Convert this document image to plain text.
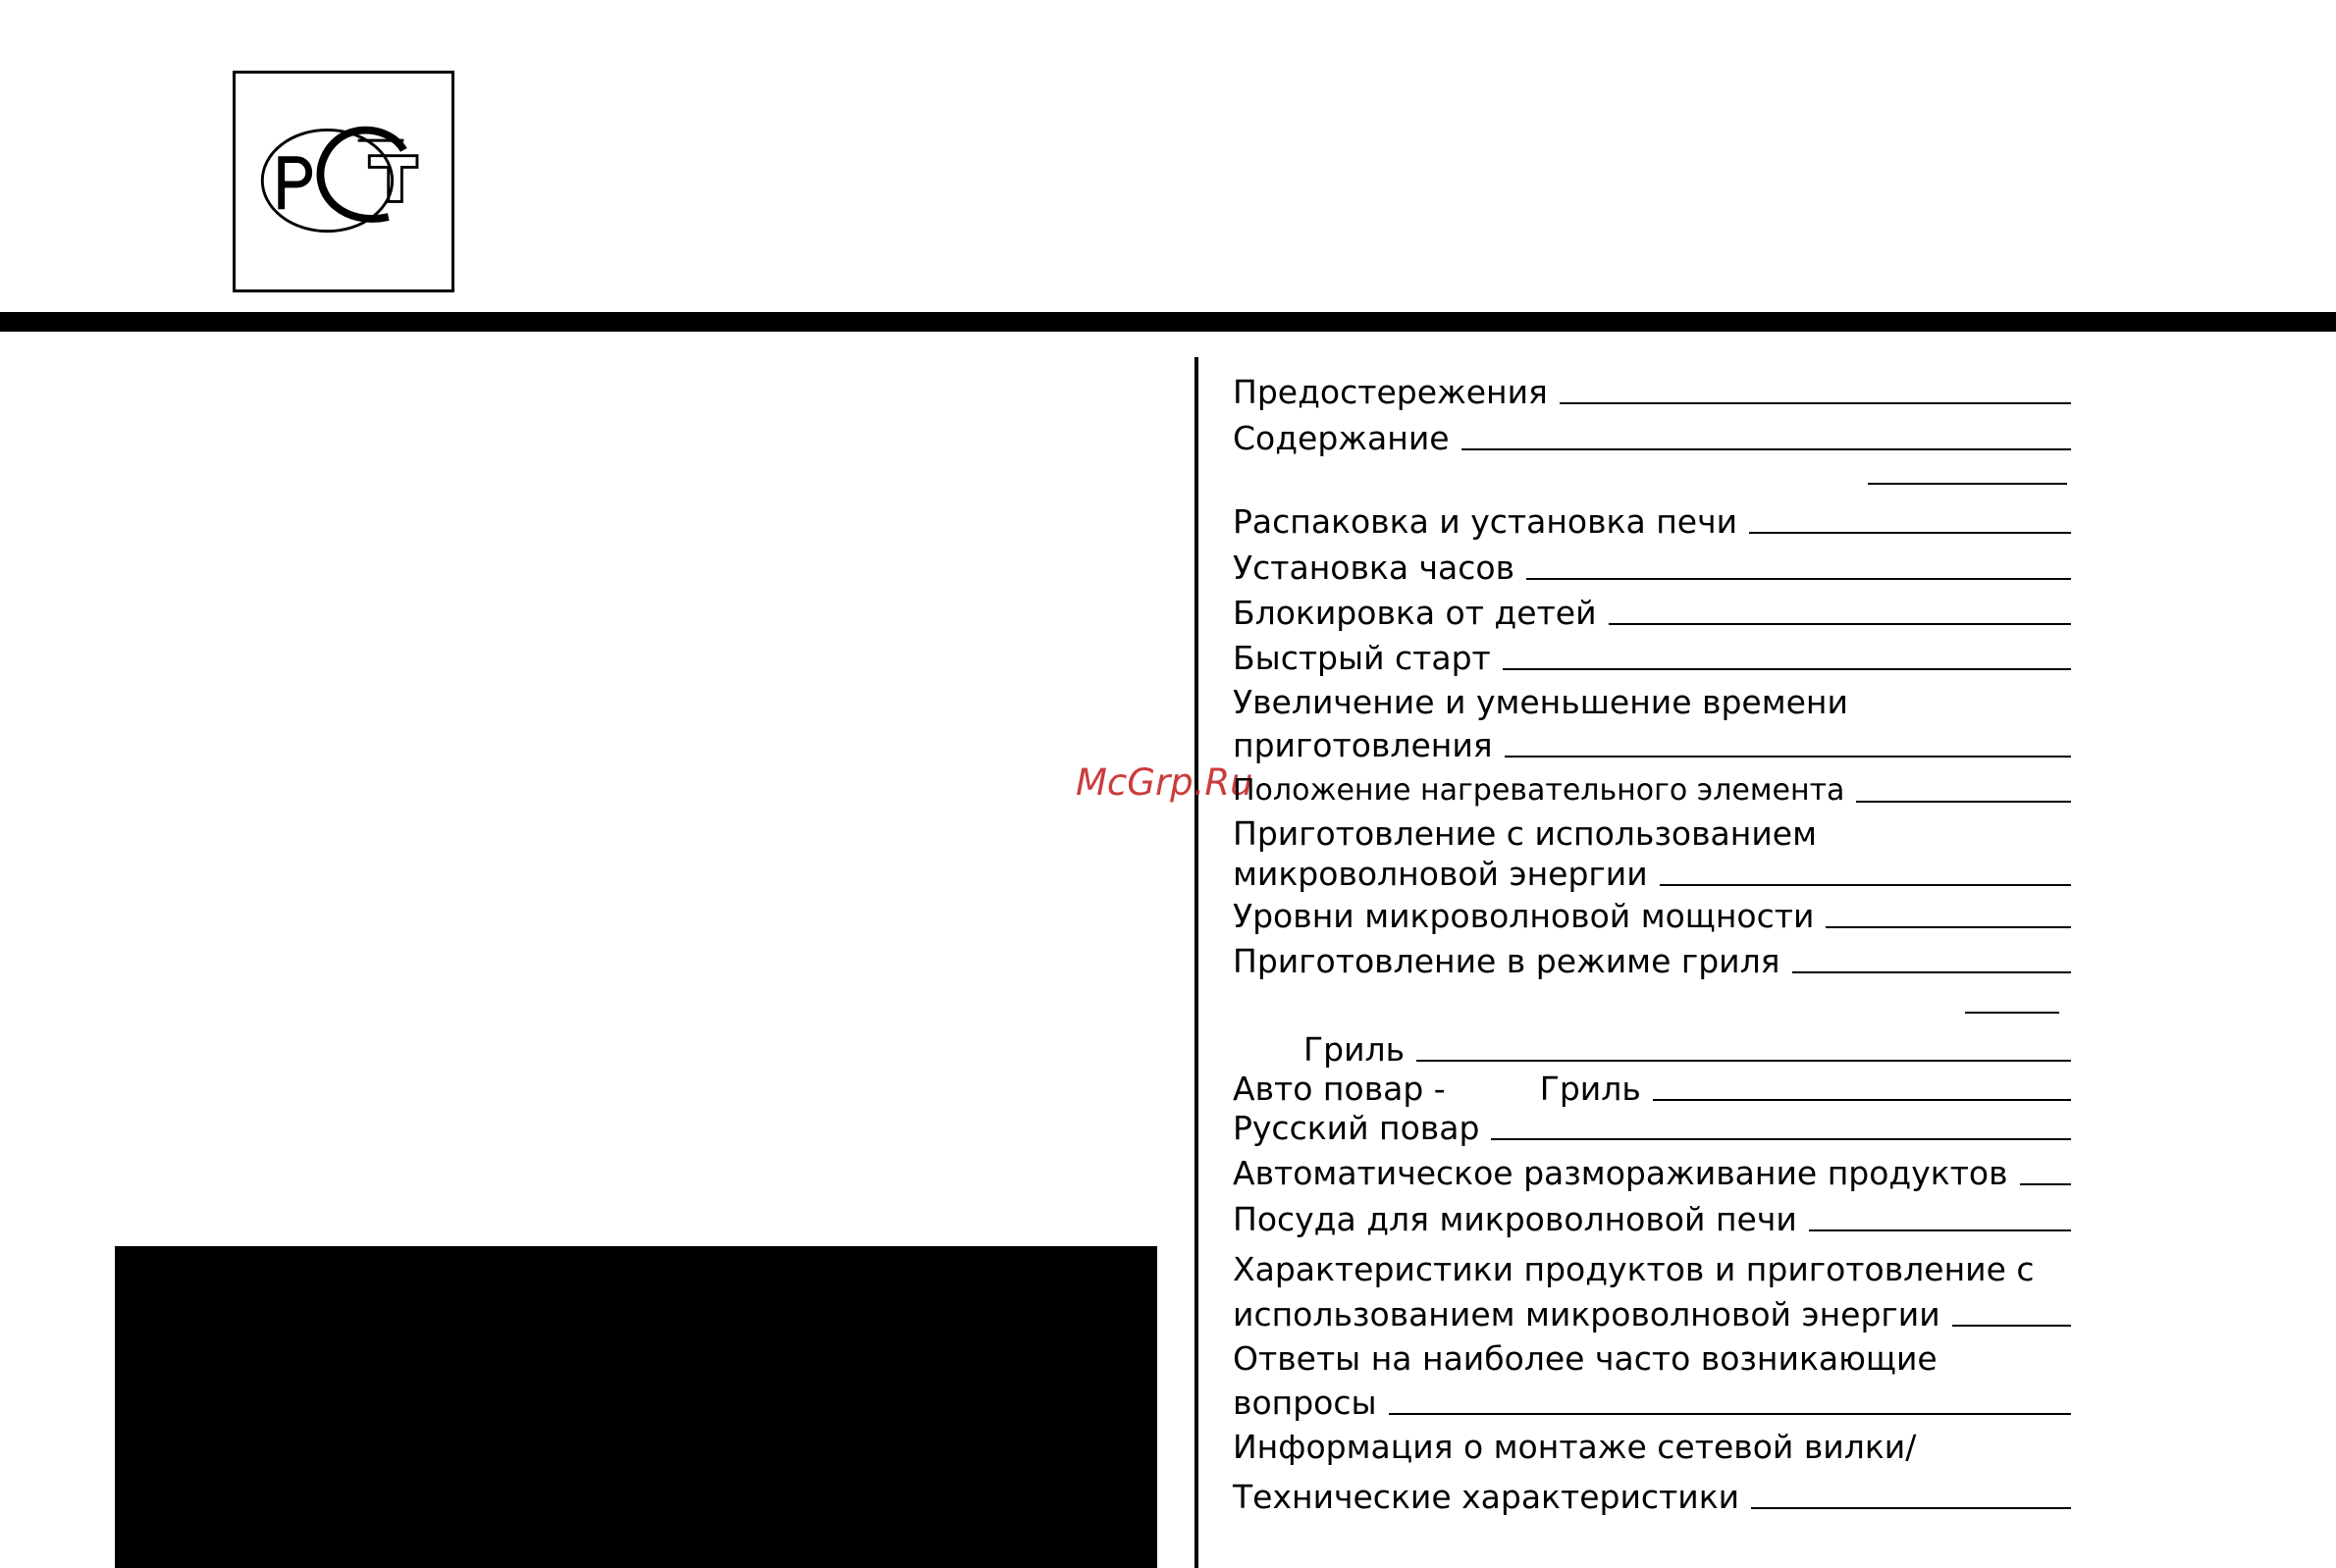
McGrp.Ru
Предостережения
Содержание
Распаковка и установка печи
Установка часов
Блокировка от детей
Быстрый старт
Увеличение и уменьшение времени
приготовления
Положение нагревательного элемента
Приготовление с использованием
микроволновой энергии
Уровни микроволновой мощности
Приготовление в режиме гриля
Гриль
Авто повар -	Гриль
Русский повар
Автоматическое размораживание продуктов
Посуда для микроволновой печи
Характеристики продуктов и приготовление с
использованием микроволновой энергии
Ответы на наиболее часто возникающие
вопросы
Информация о монтаже сетевой вилки/
Технические характеристики
